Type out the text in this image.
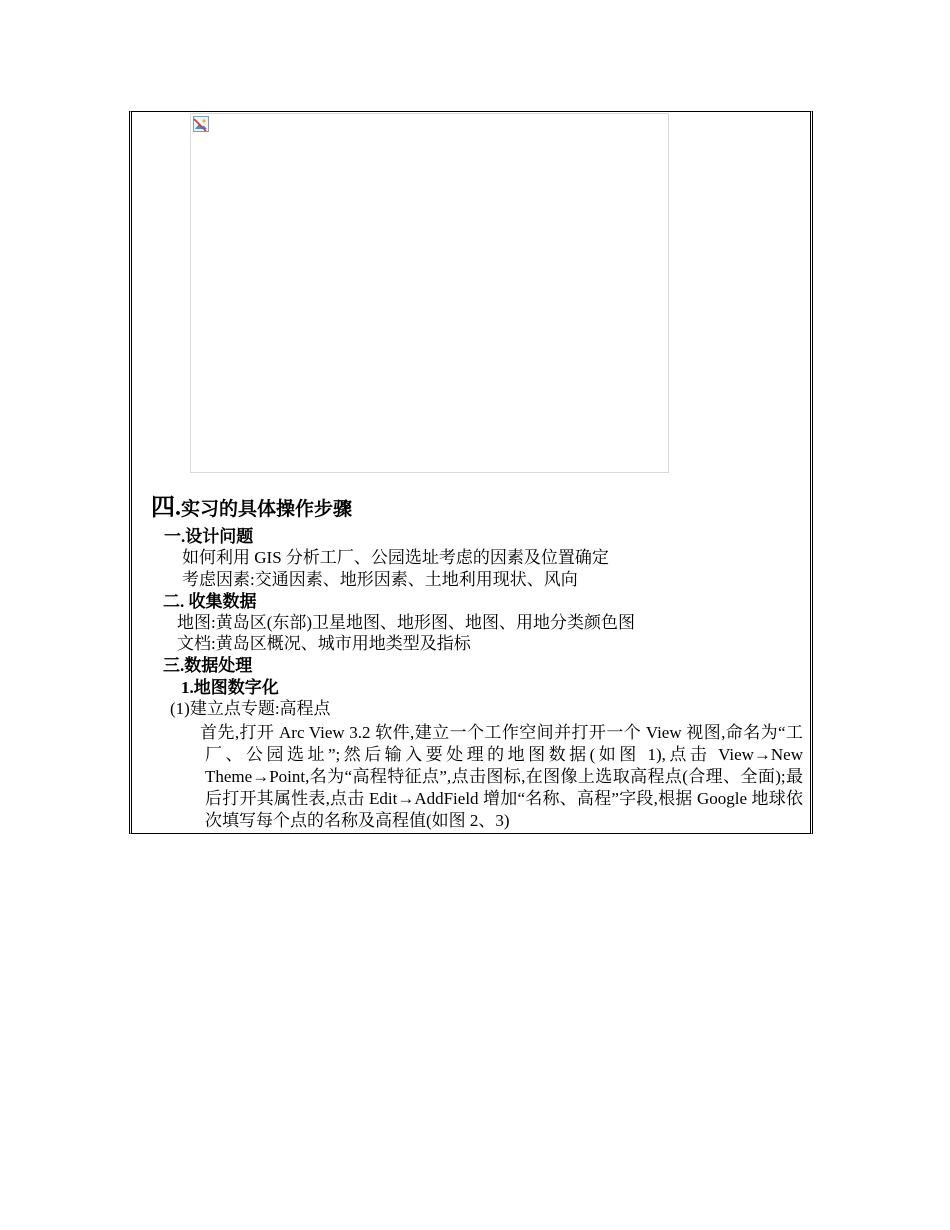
四.实习的具体操作步骤
一.设计问题
如何利用 GIS 分析工厂、公园选址考虑的因素及位置确定
考虑因素:交通因素、地形因素、土地利用现状、风向
二. 收集数据
地图:黄岛区(东部)卫星地图、地形图、地图、用地分类颜色图
文档:黄岛区概况、城市用地类型及指标
三.数据处理
1.地图数字化
(1)建立点专题:高程点
首先,打开 Arc View 3.2 软件,建立一个工作空间并打开一个 View 视图,命名为“工厂、公园选址”;然后输入要处理的地图数据(如图 1),点击 View→New Theme→Point,名为“高程特征点”,点击图标,在图像上选取高程点(合理、全面);最后打开其属性表,点击 Edit→AddField 增加“名称、高程”字段,根据 Google 地球依次填写每个点的名称及高程值(如图 2、3)
